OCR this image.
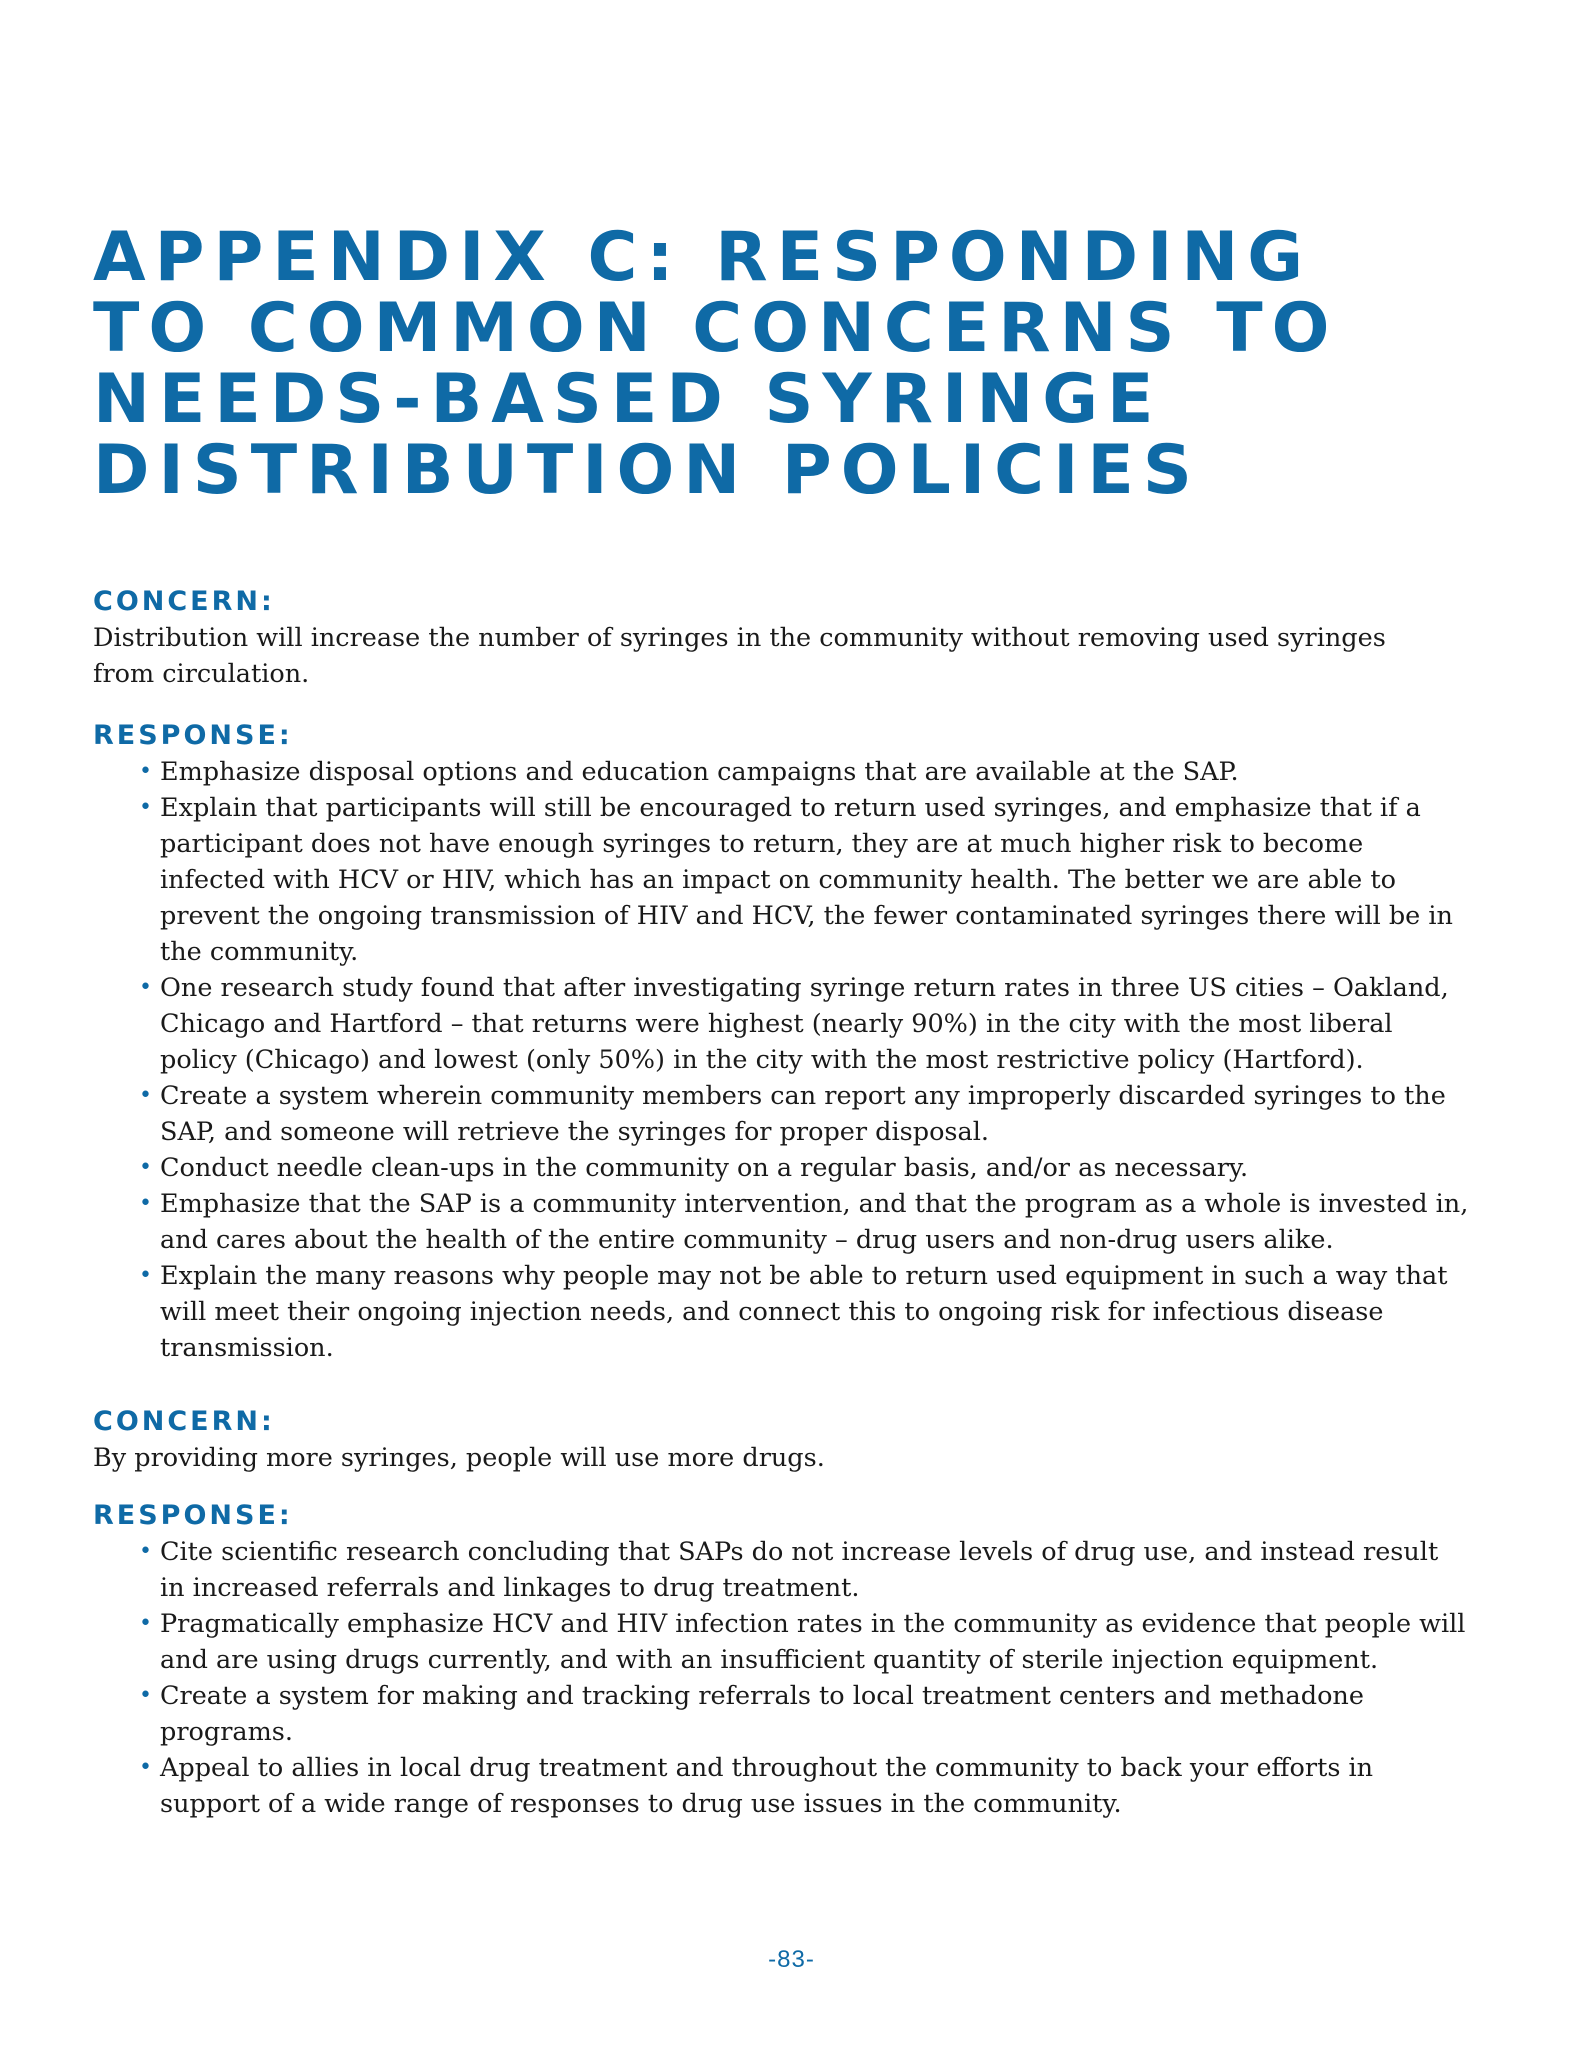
APPENDIX C: RESPONDING
TO COMMON CONCERNS TO
NEEDS-BASED SYRINGE
DISTRIBUTION POLICIES
CONCERN:

Distribution will increase the number of syringes in the community without removing used syringes from circulation.

RESPONSE:
• Emphasize disposal options and education campaigns that are available at the SAP.
• Explain that participants will still be encouraged to return used syringes, and emphasize that if a participant does not have enough syringes to return, they are at much higher risk to become infected with HCV or HIV, which has an impact on community health. The better we are able to prevent the ongoing transmission of HIV and HCV, the fewer contaminated syringes there will be in the community.
• One research study found that after investigating syringe return rates in three US cities – Oakland, Chicago and Hartford – that returns were highest (nearly 90%) in the city with the most liberal policy (Chicago) and lowest (only 50%) in the city with the most restrictive policy (Hartford).
• Create a system wherein community members can report any improperly discarded syringes to the SAP, and someone will retrieve the syringes for proper disposal.
• Conduct needle clean-ups in the community on a regular basis, and/or as necessary.
• Emphasize that the SAP is a community intervention, and that the program as a whole is invested in, and cares about the health of the entire community – drug users and non-drug users alike.
• Explain the many reasons why people may not be able to return used equipment in such a way that will meet their ongoing injection needs, and connect this to ongoing risk for infectious disease transmission.
CONCERN:

By providing more syringes, people will use more drugs.

RESPONSE:
• Cite scientific research concluding that SAPs do not increase levels of drug use, and instead result in increased referrals and linkages to drug treatment.
• Pragmatically emphasize HCV and HIV infection rates in the community as evidence that people will and are using drugs currently, and with an insufficient quantity of sterile injection equipment.
• Create a system for making and tracking referrals to local treatment centers and methadone programs.
• Appeal to allies in local drug treatment and throughout the community to back your efforts in support of a wide range of responses to drug use issues in the community.
-83-
